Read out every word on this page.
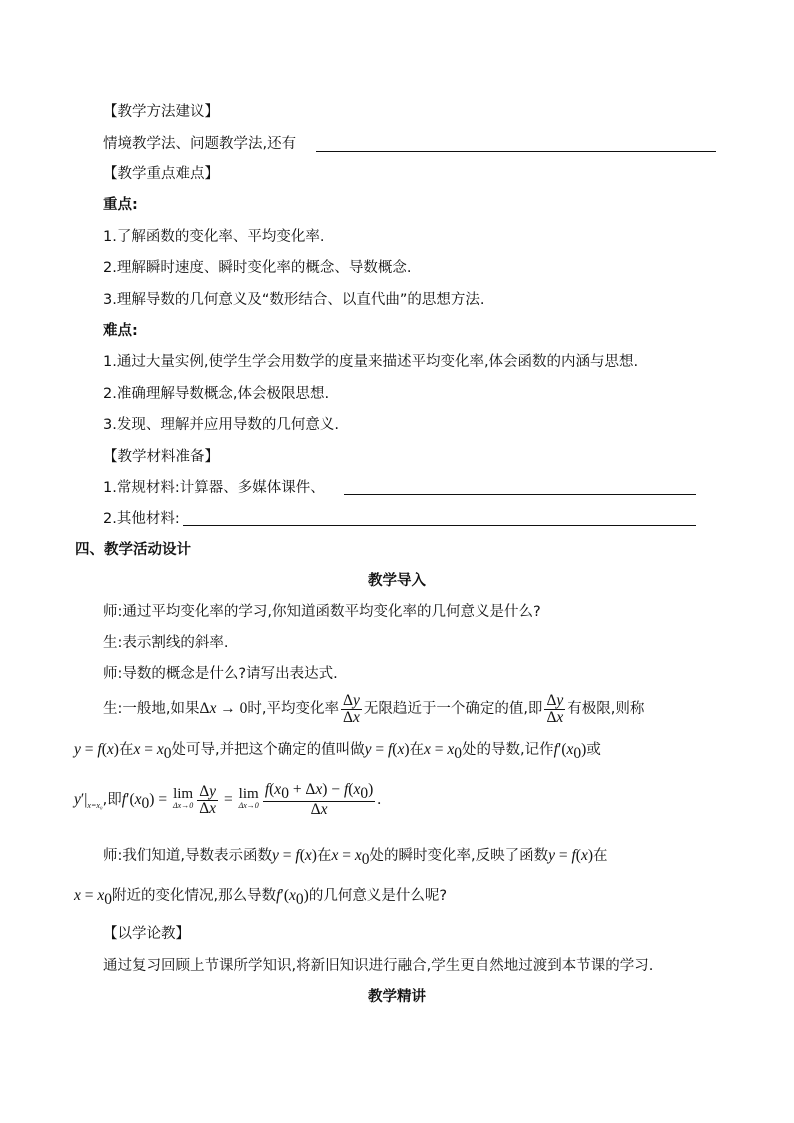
【教学方法建议】
情境教学法、问题教学法,还有
【教学重点难点】
重点:
1.了解函数的变化率、平均变化率.
2.理解瞬时速度、瞬时变化率的概念、导数概念.
3.理解导数的几何意义及“数形结合、以直代曲”的思想方法.
难点:
1.通过大量实例,使学生学会用数学的度量来描述平均变化率,体会函数的内涵与思想.
2.准确理解导数概念,体会极限思想.
3.发现、理解并应用导数的几何意义.
【教学材料准备】
1.常规材料:计算器、多媒体课件、
2.其他材料:
四、教学活动设计
教学导入
师:通过平均变化率的学习,你知道函数平均变化率的几何意义是什么?
生:表示割线的斜率.
师:导数的概念是什么?请写出表达式.
生:一般地,如果Δx → 0时,平均变化率 $\frac{\Delta y}{\Delta x}$ 无限趋近于一个确定的值,即 $\frac{\Delta y}{\Delta x}$ 有极限,则称
y = f(x)在$x = x_0$处可导,并把这个确定的值叫做y = f(x)在$x = x_0$处的导数,记作$f'(x_0)$或
$y'|_{x=x_0}$,即$f'(x_0) = \lim$
$\Delta x\to 0 \frac{\Delta y}{\Delta x} = \lim$
$\Delta x\to 0 \frac{f(x_0 + \Delta x) - f(x_0)}{\Delta x}$ .
师:我们知道,导数表示函数y = f(x)在$x = x_0$处的瞬时变化率,反映了函数y = f(x)在
$x = x_0$附近的变化情况,那么导数$f'(x_0)$的几何意义是什么呢?
【以学论教】
通过复习回顾上节课所学知识,将新旧知识进行融合,学生更自然地过渡到本节课的学习.
教学精讲
